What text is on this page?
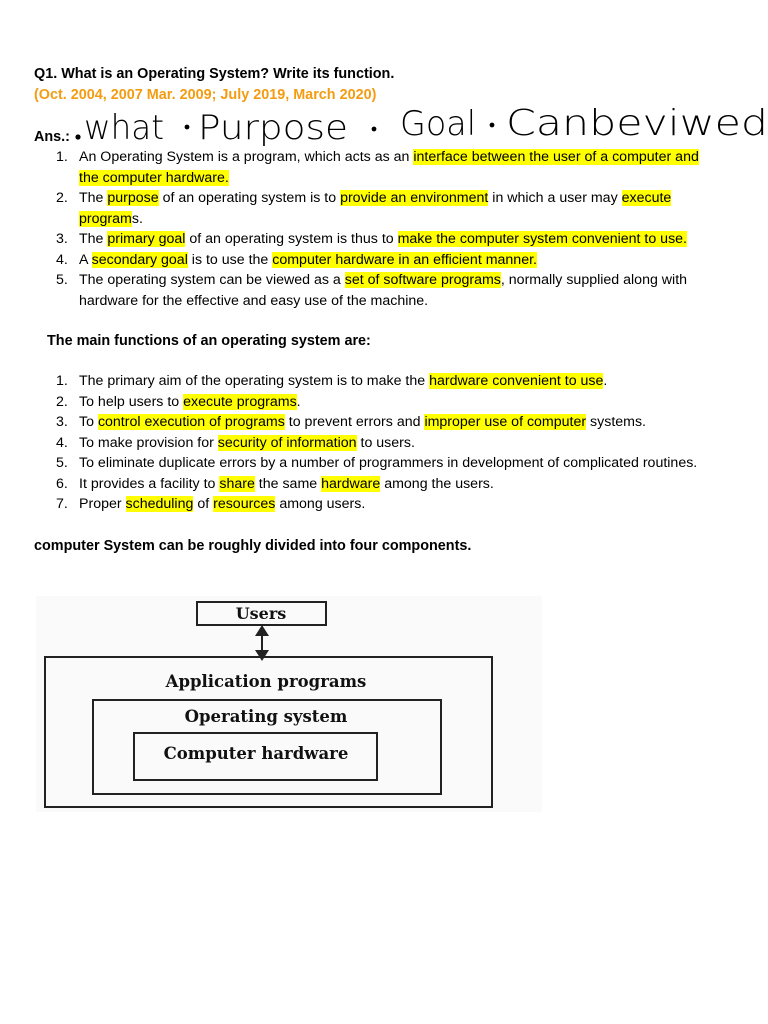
Q1. What is an Operating System? Write its function.
(Oct. 2004, 2007 Mar. 2009; July 2019, March 2020)
Ans.: what Purpose Goal Canbeviwed
1. An Operating System is a program, which acts as an interface between the user of a computer and
the computer hardware.
2. The purpose of an operating system is to provide an environment in which a user may execute
programs.
3. The primary goal of an operating system is thus to make the computer system convenient to use.
4. A secondary goal is to use the computer hardware in an efficient manner.
5. The operating system can be viewed as a set of software programs, normally supplied along with
hardware for the effective and easy use of the machine.
The main functions of an operating system are:
1. The primary aim of the operating system is to make the hardware convenient to use.
2. To help users to execute programs.
3. To control execution of programs to prevent errors and improper use of computer systems.
4. To make provision for security of information to users.
5. To eliminate duplicate errors by a number of programmers in development of complicated routines.
6. It provides a facility to share the same hardware among the users.
7. Proper scheduling of resources among users.
computer System can be roughly divided into four components.
Users
Application programs
Operating system
Computer hardware
